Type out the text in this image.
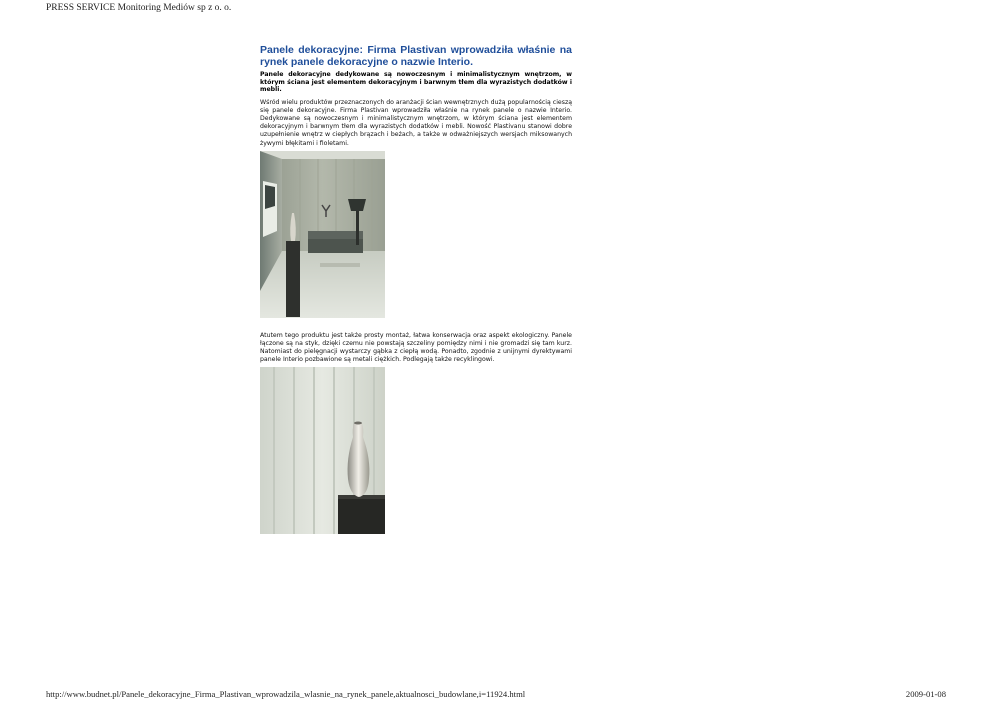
PRESS SERVICE Monitoring Mediów sp z o. o.
Panele dekoracyjne: Firma Plastivan wprowadziła właśnie na rynek panele dekoracyjne o nazwie Interio.
Panele dekoracyjne dedykowane są nowoczesnym i minimalistycznym wnętrzom, w którym ściana jest elementem dekoracyjnym i barwnym tłem dla wyrazistych dodatków i mebli.
Wśród wielu produktów przeznaczonych do aranżacji ścian wewnętrznych dużą popularnością cieszą się panele dekoracyjne. Firma Plastivan wprowadziła właśnie na rynek panele o nazwie Interio. Dedykowane są nowoczesnym i minimalistycznym wnętrzom, w którym ściana jest elementem dekoracyjnym i barwnym tłem dla wyrazistych dodatków i mebli. Nowość Plastivanu stanowi dobre uzupełnienie wnętrz w ciepłych brązach i beżach, a także w odważniejszych wersjach miksowanych żywymi błękitami i fioletami.
Atutem tego produktu jest także prosty montaż, łatwa konserwacja oraz aspekt ekologiczny. Panele łączone są na styk, dzięki czemu nie powstają szczeliny pomiędzy nimi i nie gromadzi się tam kurz. Natomiast do pielęgnacji wystarczy gąbka z ciepłą wodą. Ponadto, zgodnie z unijnymi dyrektywami panele Interio pozbawione są metali ciężkich. Podlegają także recyklingowi.
http://www.budnet.pl/Panele_dekoracyjne_Firma_Plastivan_wprowadzila_wlasnie_na_rynek_panele,aktualnosci_budowlane,i=11924.html	2009-01-08
